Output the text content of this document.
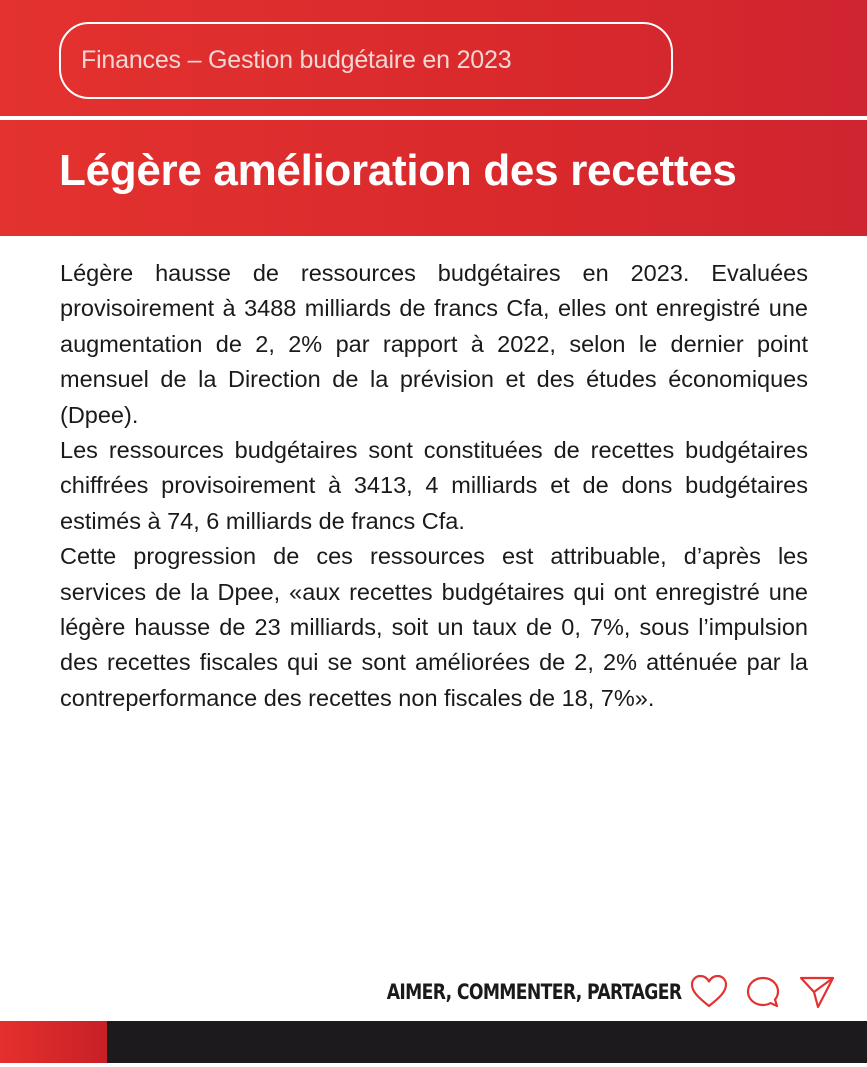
Finances – Gestion budgétaire en 2023
Légère amélioration des recettes

Légère hausse de ressources budgétaires en 2023. Evaluées provisoirement à 3488 milliards de francs Cfa, elles ont enregistré une augmentation de 2, 2% par rapport à 2022, selon le dernier point mensuel de la Direction de la prévision et des études économiques (Dpee).

Les ressources budgétaires sont constituées de recettes budgétaires chiffrées provisoirement à 3413, 4 milliards et de dons budgétaires estimés à 74, 6 milliards de francs Cfa.

Cette progression de ces ressources est attribuable, d’après les services de la Dpee, «aux recettes budgétaires qui ont enregistré une légère hausse de 23 milliards, soit un taux de 0, 7%, sous l’impulsion des recettes fiscales qui se sont améliorées de 2, 2% atténuée par la contreperformance des recettes non fiscales de 18, 7%».

AIMER, COMMENTER, PARTAGER
